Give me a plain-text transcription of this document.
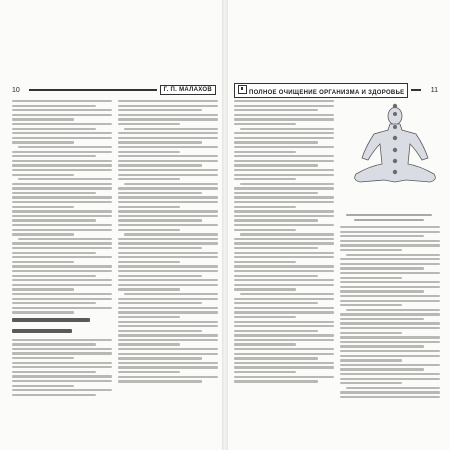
10	Г. П. МАЛАХОВ	ПОЛНОЕ ОЧИЩЕНИЕ ОРГАНИЗМА И ЗДОРОВЬЕ	11
